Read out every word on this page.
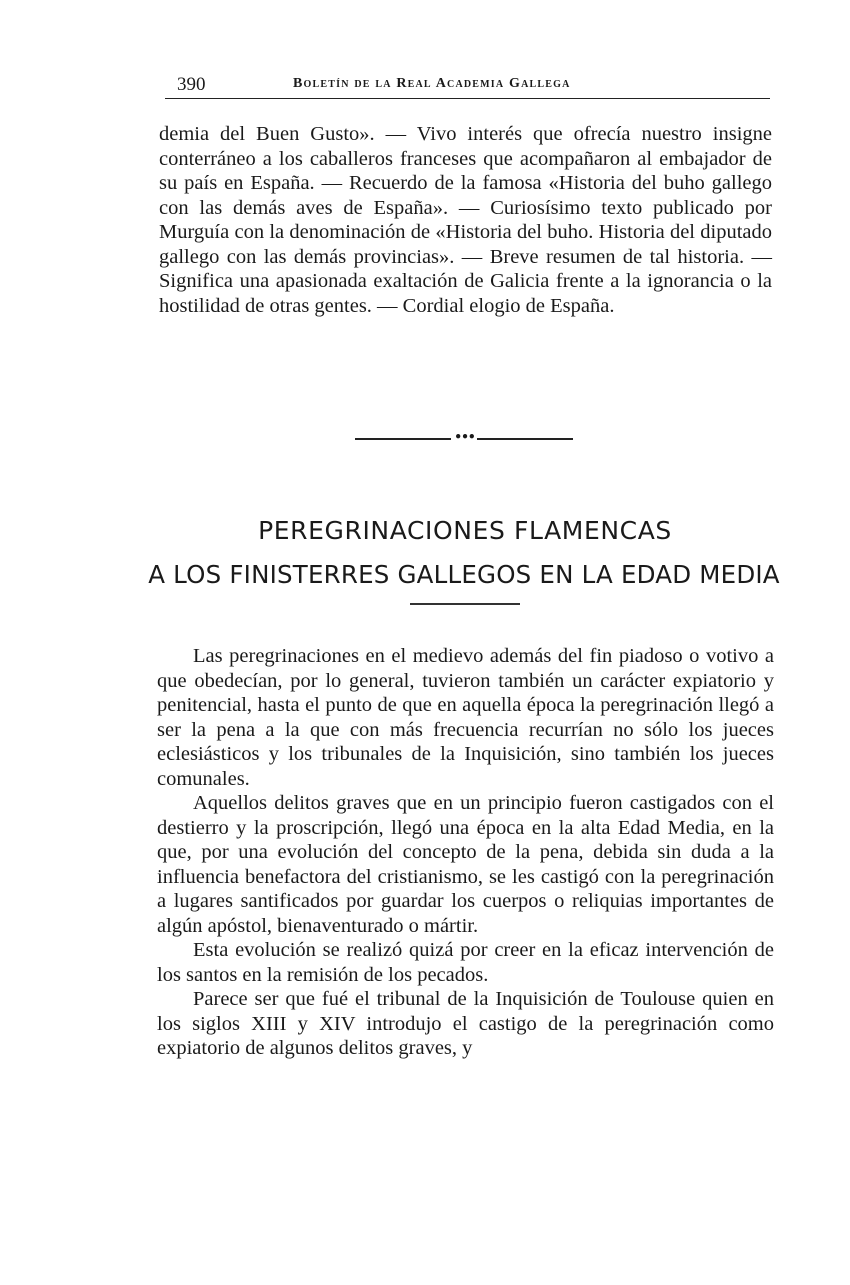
390	Boletín de la Real Academia Gallega

demia del Buen Gusto». — Vivo interés que ofrecía nuestro insigne conterráneo a los caballeros franceses que acompañaron al embajador de su país en España. — Recuerdo de la famosa «Historia del buho gallego con las demás aves de España». — Curiosísimo texto publicado por Murguía con la denominación de «Historia del buho. Historia del diputado gallego con las demás provincias». — Breve resumen de tal historia. — Significa una apasionada exaltación de Galicia frente a la ignorancia o la hostilidad de otras gentes. — Cordial elogio de España.

•••
PEREGRINACIONES FLAMENCAS
A LOS FINISTERRES GALLEGOS EN LA EDAD MEDIA

Las peregrinaciones en el medievo además del fin piadoso o votivo a que obedecían, por lo general, tuvieron también un carácter expiatorio y penitencial, hasta el punto de que en aquella época la peregrinación llegó a ser la pena a la que con más frecuencia recurrían no sólo los jueces eclesiásticos y los tribunales de la Inquisición, sino también los jueces comunales.

Aquellos delitos graves que en un principio fueron castigados con el destierro y la proscripción, llegó una época en la alta Edad Media, en la que, por una evolución del concepto de la pena, debida sin duda a la influencia benefactora del cristianismo, se les castigó con la peregrinación a lugares santificados por guardar los cuerpos o reliquias importantes de algún apóstol, bienaventurado o mártir.

Esta evolución se realizó quizá por creer en la eficaz intervención de los santos en la remisión de los pecados.

Parece ser que fué el tribunal de la Inquisición de Toulouse quien en los siglos XIII y XIV introdujo el castigo de la peregrinación como expiatorio de algunos delitos graves, y
